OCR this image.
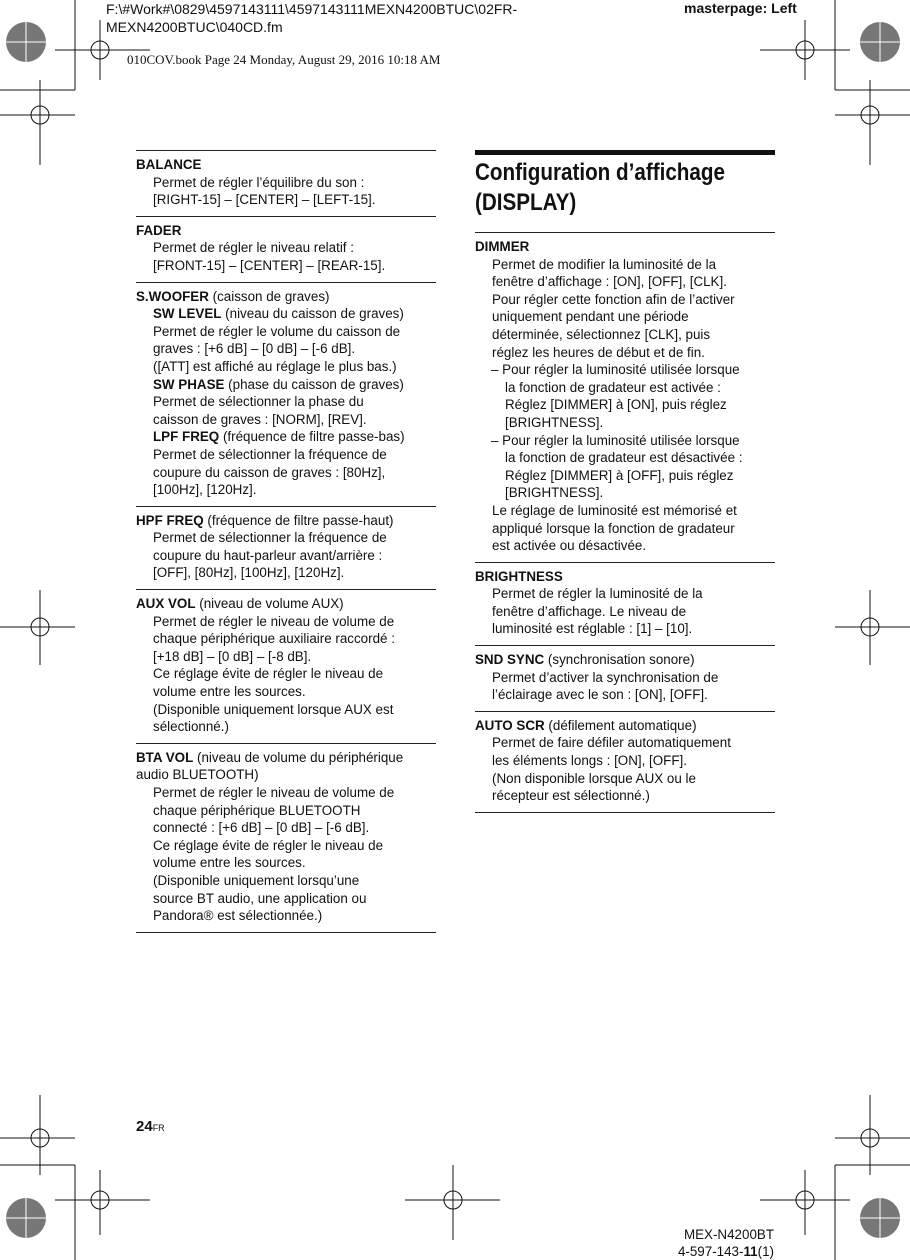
F:\#Work#\0829\4597143111\4597143111MEXN4200BTUC\02FR-
MEXN4200BTUC\040CD.fm
masterpage: Left
010COV.book Page 24 Monday, August 29, 2016 10:18 AM
BALANCE
Permet de régler l’équilibre du son :
[RIGHT-15] – [CENTER] – [LEFT-15].
FADER
Permet de régler le niveau relatif :
[FRONT-15] – [CENTER] – [REAR-15].
S.WOOFER (caisson de graves)
SW LEVEL (niveau du caisson de graves)
Permet de régler le volume du caisson de
graves : [+6 dB] – [0 dB] – [-6 dB].
([ATT] est affiché au réglage le plus bas.)
SW PHASE (phase du caisson de graves)
Permet de sélectionner la phase du
caisson de graves : [NORM], [REV].
LPF FREQ (fréquence de filtre passe-bas)
Permet de sélectionner la fréquence de
coupure du caisson de graves : [80Hz],
[100Hz], [120Hz].
HPF FREQ (fréquence de filtre passe-haut)
Permet de sélectionner la fréquence de
coupure du haut-parleur avant/arrière :
[OFF], [80Hz], [100Hz], [120Hz].
AUX VOL (niveau de volume AUX)
Permet de régler le niveau de volume de
chaque périphérique auxiliaire raccordé :
[+18 dB] – [0 dB] – [-8 dB].
Ce réglage évite de régler le niveau de
volume entre les sources.
(Disponible uniquement lorsque AUX est
sélectionné.)
BTA VOL (niveau de volume du périphérique
audio BLUETOOTH)
Permet de régler le niveau de volume de
chaque périphérique BLUETOOTH
connecté : [+6 dB] – [0 dB] – [-6 dB].
Ce réglage évite de régler le niveau de
volume entre les sources.
(Disponible uniquement lorsqu’une
source BT audio, une application ou
Pandora® est sélectionnée.)
Configuration d’affichage
(DISPLAY)
DIMMER
Permet de modifier la luminosité de la
fenêtre d’affichage : [ON], [OFF], [CLK].
Pour régler cette fonction afin de l’activer
uniquement pendant une période
déterminée, sélectionnez [CLK], puis
réglez les heures de début et de fin.
– Pour régler la luminosité utilisée lorsque
la fonction de gradateur est activée :
Réglez [DIMMER] à [ON], puis réglez
[BRIGHTNESS].
– Pour régler la luminosité utilisée lorsque
la fonction de gradateur est désactivée :
Réglez [DIMMER] à [OFF], puis réglez
[BRIGHTNESS].
Le réglage de luminosité est mémorisé et
appliqué lorsque la fonction de gradateur
est activée ou désactivée.
BRIGHTNESS
Permet de régler la luminosité de la
fenêtre d’affichage. Le niveau de
luminosité est réglable : [1] – [10].
SND SYNC (synchronisation sonore)
Permet d’activer la synchronisation de
l’éclairage avec le son : [ON], [OFF].
AUTO SCR (défilement automatique)
Permet de faire défiler automatiquement
les éléments longs : [ON], [OFF].
(Non disponible lorsque AUX ou le
récepteur est sélectionné.)
24FR
MEX-N4200BT
4-597-143-11(1)
